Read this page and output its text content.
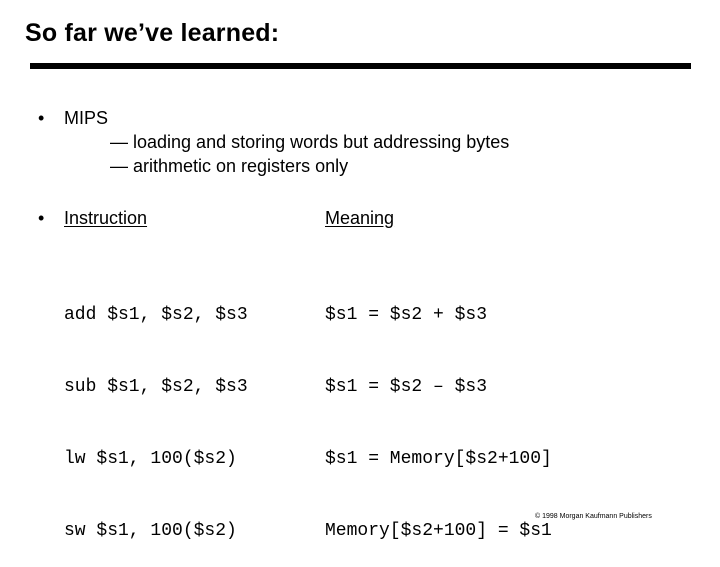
So far we’ve learned:
• MIPS
— loading and storing words but addressing bytes
— arithmetic on registers only
• Instruction	Meaning

add $s1, $s2, $s3

sub $s1, $s2, $s3

lw $s1, 100($s2)

sw $s1, 100($s2)

$s1 = $s2 + $s3

$s1 = $s2 – $s3

$s1 = Memory[$s2+100]

Memory[$s2+100] = $s1

© 1998 Morgan Kaufmann Publishers
